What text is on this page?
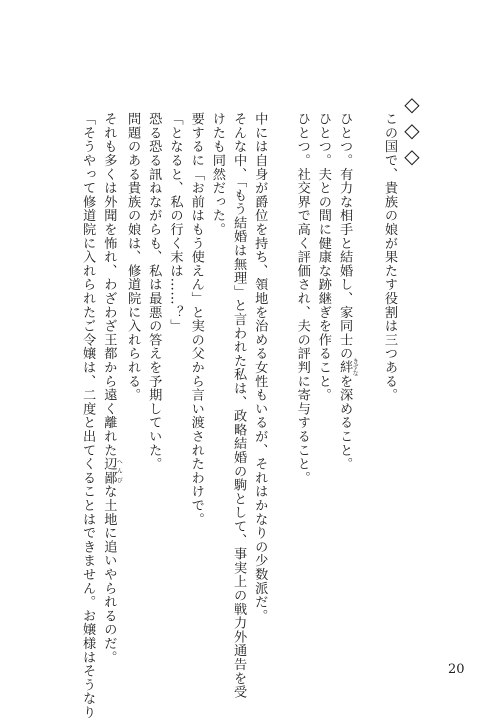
◇◇◇

この国で、貴族の娘が果たす役割は三つある。

ひとつ。有力な相手と結婚し、家同士の絆 きずなを深めること。

ひとつ。夫との間に健康な跡継ぎを作ること。

ひとつ。社交界で高く評価され、夫の評判に寄与すること。

中には自身が爵位を持ち、領地を治める女性もいるが、それはかなりの少数派だ。

そんな中、「もう結婚は無理」と言われた私は、政略結婚の駒として、事実上の戦力外通告を受

けたも同然だった。

要するに「お前はもう使えん」と実の父から言い渡されたわけで。

「となると、私の行く末は……？」

恐る恐る訊ねながらも、私は最悪の答えを予期していた。

問題のある貴族の娘は、修道院に入れられる。

それも多くは外聞を怖れ、わざわざ王都から遠く離れた辺鄙 へんぴな土地に追いやられるのだ。

「そうやって修道院に入れられたご令嬢は、二度と出てくることはできません。お嬢様はそうなり	20
